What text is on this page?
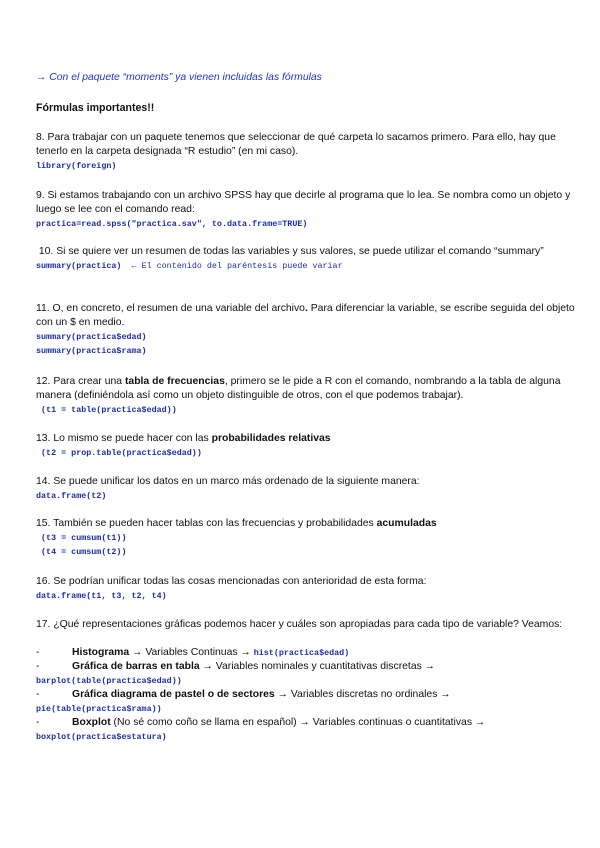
→ Con el paquete “moments” ya vienen incluidas las fórmulas

Fórmulas importantes!!

8. Para trabajar con un paquete tenemos que seleccionar de qué carpeta lo sacamos primero. Para ello, hay que tenerlo en la carpeta designada “R estudio” (en mi caso).

library(foreign)

9. Si estamos trabajando con un archivo SPSS hay que decirle al programa que lo lea. Se nombra como un objeto y luego se lee con el comando read:

practica=read.spss("practica.sav", to.data.frame=TRUE)

10. Si se quiere ver un resumen de todas las variables y sus valores, se puede utilizar el comando “summary”

summary(practica)  ← El contenido del paréntesis puede variar

11. O, en concreto, el resumen de una variable del archivo. Para diferenciar la variable, se escribe seguida del objeto con un $ en medio.

summary(practica$edad)

summary(practica$rama)

12. Para crear una tabla de frecuencias, primero se le pide a R con el comando, nombrando a la tabla de alguna manera (definiéndola así como un objeto distinguible de otros, con el que podemos trabajar).

(t1 = table(practica$edad))

13. Lo mismo se puede hacer con las probabilidades relativas

(t2 = prop.table(practica$edad))

14. Se puede unificar los datos en un marco más ordenado de la siguiente manera:

data.frame(t2)

15. También se pueden hacer tablas con las frecuencias y probabilidades acumuladas

(t3 = cumsum(t1))

(t4 = cumsum(t2))

16. Se podrían unificar todas las cosas mencionadas con anterioridad de esta forma:

data.frame(t1, t3, t2, t4)

17. ¿Qué representaciones gráficas podemos hacer y cuáles son apropiadas para cada tipo de variable? Veamos:

-	Histograma → Variables Continuas → hist(practica$edad)
-	Gráfica de barras en tabla → Variables nominales y cuantitativas discretas →

barplot(table(practica$edad))

-	Gráfica diagrama de pastel o de sectores → Variables discretas no ordinales →

pie(table(practica$rama))

-	Boxplot (No sé como coño se llama en español) → Variables continuas o cuantitativas →

boxplot(practica$estatura)
